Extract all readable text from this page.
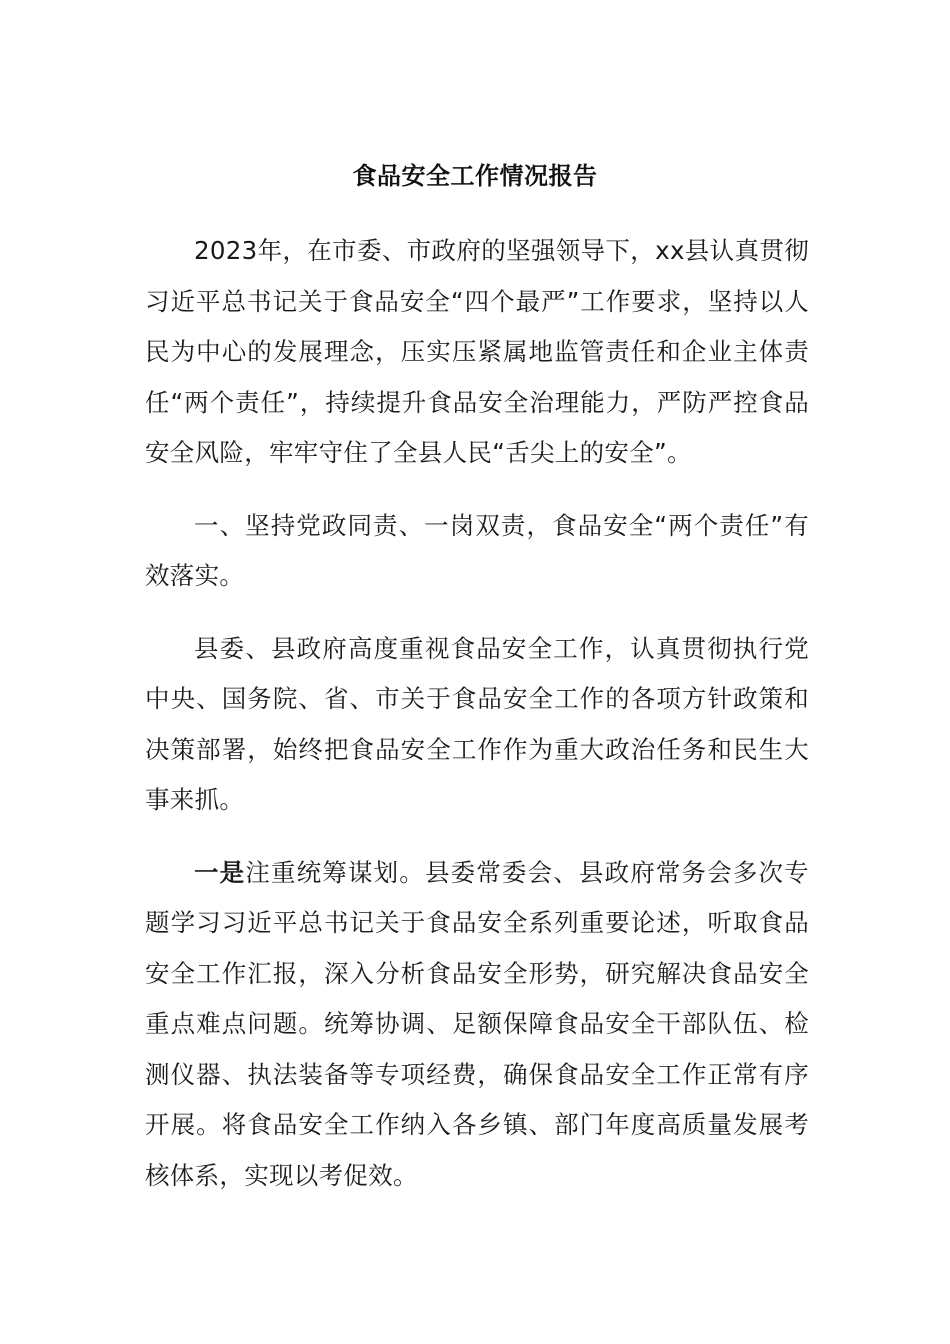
食品安全工作情况报告

2023年，在市委、市政府的坚强领导下，xx县认真贯彻习近平总书记关于食品安全“四个最严”工作要求，坚持以人民为中心的发展理念，压实压紧属地监管责任和企业主体责任“两个责任”，持续提升食品安全治理能力，严防严控食品安全风险，牢牢守住了全县人民“舌尖上的安全”。

一、坚持党政同责、一岗双责，食品安全“两个责任”有效落实。

县委、县政府高度重视食品安全工作，认真贯彻执行党中央、国务院、省、市关于食品安全工作的各项方针政策和决策部署，始终把食品安全工作作为重大政治任务和民生大事来抓。

一是注重统筹谋划。县委常委会、县政府常务会多次专题学习习近平总书记关于食品安全系列重要论述，听取食品安全工作汇报，深入分析食品安全形势，研究解决食品安全重点难点问题。统筹协调、足额保障食品安全干部队伍、检测仪器、执法装备等专项经费，确保食品安全工作正常有序开展。将食品安全工作纳入各乡镇、部门年度高质量发展考核体系，实现以考促效。
